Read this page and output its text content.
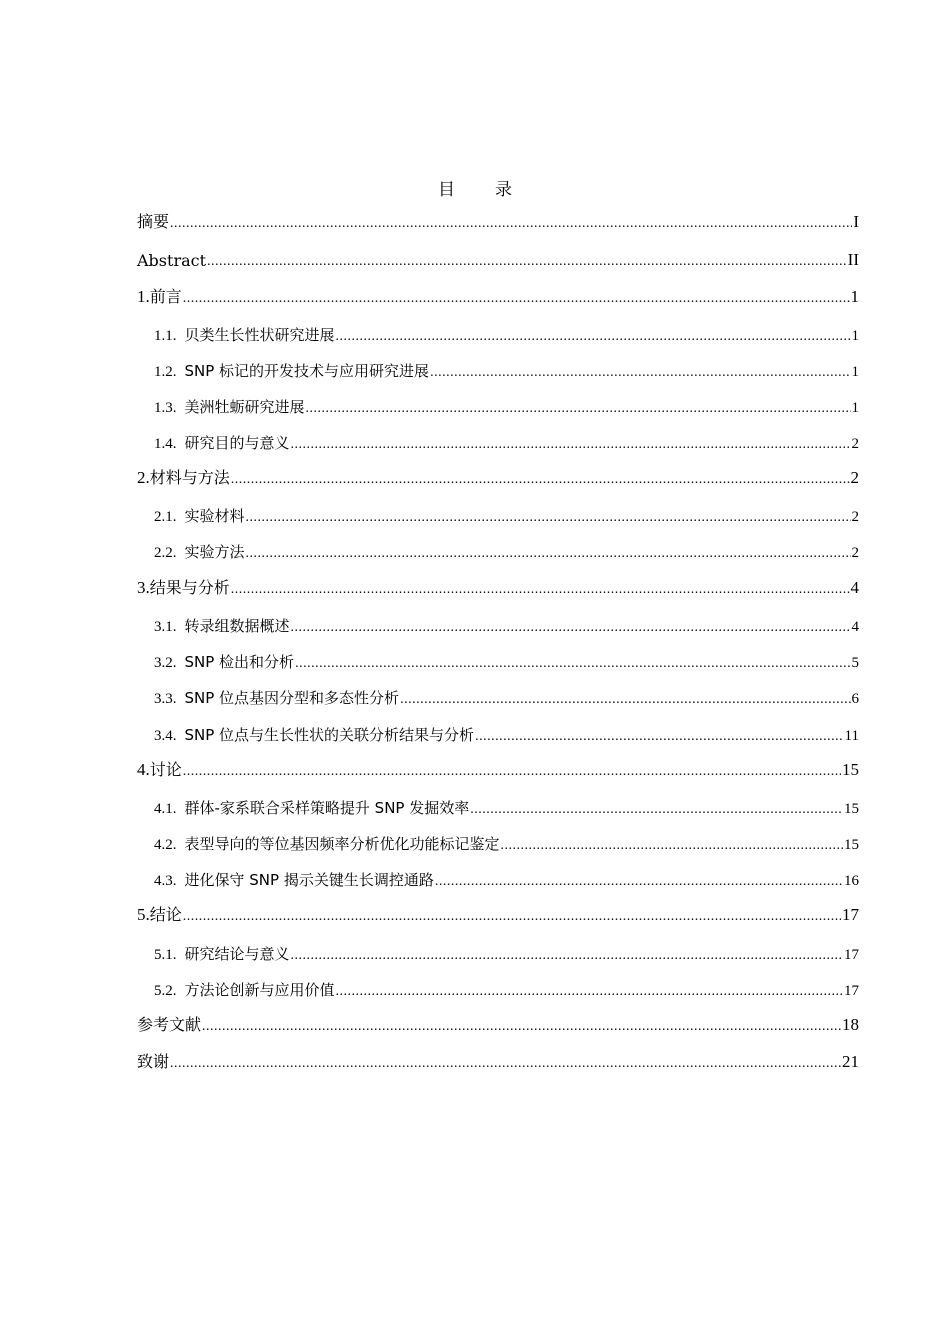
目 录
摘要 .....	I
Abstract .....	II
1. 前言 .....	1
1.1. 贝类生长性状研究进展 .....	1
1.2. SNP 标记的开发技术与应用研究进展 .....	1
1.3. 美洲牡蛎研究进展 .....	1
1.4. 研究目的与意义 .....	2
2. 材料与方法 .....	2
2.1. 实验材料 .....	2
2.2. 实验方法 .....	2
3. 结果与分析 .....	4
3.1. 转录组数据概述 .....	4
3.2. SNP 检出和分析 .....	5
3.3. SNP 位点基因分型和多态性分析 .....	6
3.4. SNP 位点与生长性状的关联分析结果与分析 .....	11
4. 讨论 .....	15
4.1. 群体-家系联合采样策略提升 SNP 发掘效率 .....	15
4.2. 表型导向的等位基因频率分析优化功能标记鉴定 .....	15
4.3. 进化保守 SNP 揭示关键生长调控通路 .....	16
5. 结论 .....	17
5.1. 研究结论与意义 .....	17
5.2. 方法论创新与应用价值 .....	17
参考文献 .....	18
致谢 .....	21
